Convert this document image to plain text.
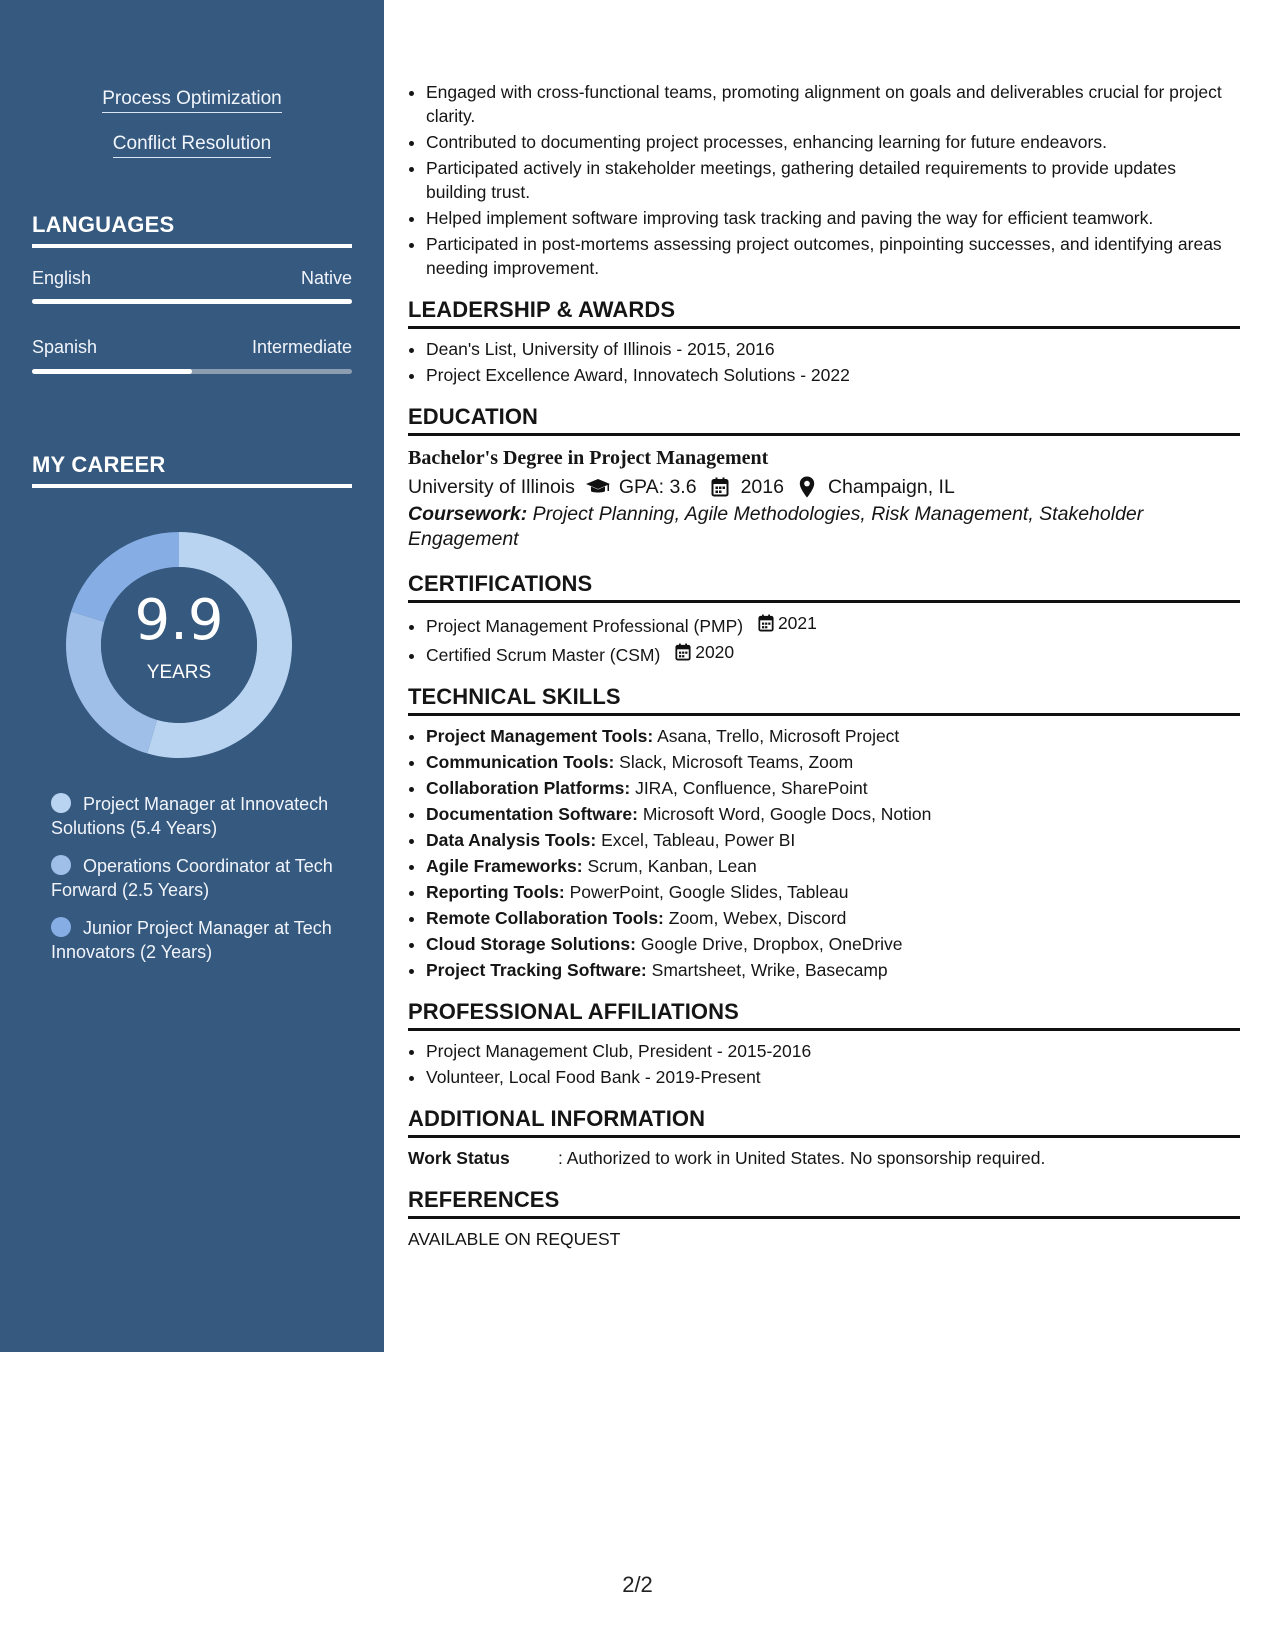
Process Optimization
Conflict Resolution
LANGUAGES
English	Native
Spanish	Intermediate
MY CAREER
9.9
YEARS
Project Manager at Innovatech Solutions (5.4 Years)
Operations Coordinator at Tech Forward (2.5 Years)
Junior Project Manager at Tech Innovators (2 Years)
• Engaged with cross-functional teams, promoting alignment on goals and deliverables crucial for project clarity.
• Contributed to documenting project processes, enhancing learning for future endeavors.
• Participated actively in stakeholder meetings, gathering detailed requirements to provide updates building trust.
• Helped implement software improving task tracking and paving the way for efficient teamwork.
• Participated in post-mortems assessing project outcomes, pinpointing successes, and identifying areas needing improvement.
LEADERSHIP & AWARDS
• Dean's List, University of Illinois - 2015, 2016
• Project Excellence Award, Innovatech Solutions - 2022
EDUCATION
Bachelor's Degree in Project Management
University of Illinois GPA: 3.6 2016 Champaign, IL
Coursework: Project Planning, Agile Methodologies, Risk Management, Stakeholder Engagement
CERTIFICATIONS
• Project Management Professional (PMP) 2021
• Certified Scrum Master (CSM) 2020
TECHNICAL SKILLS
• Project Management Tools: Asana, Trello, Microsoft Project
• Communication Tools: Slack, Microsoft Teams, Zoom
• Collaboration Platforms: JIRA, Confluence, SharePoint
• Documentation Software: Microsoft Word, Google Docs, Notion
• Data Analysis Tools: Excel, Tableau, Power BI
• Agile Frameworks: Scrum, Kanban, Lean
• Reporting Tools: PowerPoint, Google Slides, Tableau
• Remote Collaboration Tools: Zoom, Webex, Discord
• Cloud Storage Solutions: Google Drive, Dropbox, OneDrive
• Project Tracking Software: Smartsheet, Wrike, Basecamp
PROFESSIONAL AFFILIATIONS
• Project Management Club, President - 2015-2016
• Volunteer, Local Food Bank - 2019-Present
ADDITIONAL INFORMATION
Work Status	: Authorized to work in United States. No sponsorship required.
REFERENCES
AVAILABLE ON REQUEST
2/2
